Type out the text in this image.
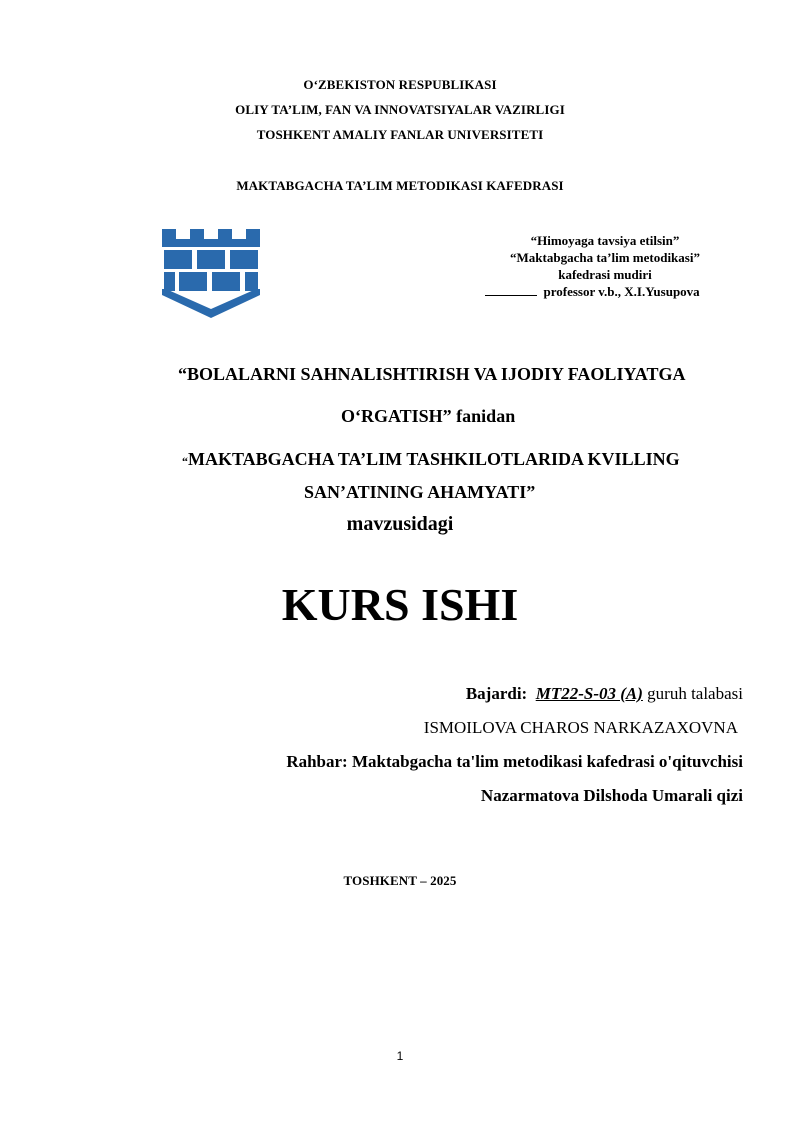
O‘ZBEKISTON RESPUBLIKASI
OLIY TA’LIM, FAN VA INNOVATSIYALAR VAZIRLIGI
TOSHKENT AMALIY FANLAR UNIVERSITETI
MAKTABGACHA TA’LIM METODIKASI KAFEDRASI
“Himoyaga tavsiya etilsin”
“Maktabgacha ta’lim metodikasi”
kafedrasi mudiri
professor v.b., X.I.Yusupova
“BOLALARNI SAHNALISHTIRISH VA IJODIY FAOLIYATGA
O‘RGATISH” fanidan
“MAKTABGACHA TA’LIM TASHKILOTLARIDA KVILLING
SAN’ATINING AHAMYATI”
mavzusidagi
KURS ISHI
Bajardi: MT22-S-03 (A) guruh talabasi
ISMOILOVA CHAROS NARKAZAXOVNA
Rahbar: Maktabgacha ta'lim metodikasi kafedrasi o'qituvchisi
Nazarmatova Dilshoda Umarali qizi
TOSHKENT – 2025
1
